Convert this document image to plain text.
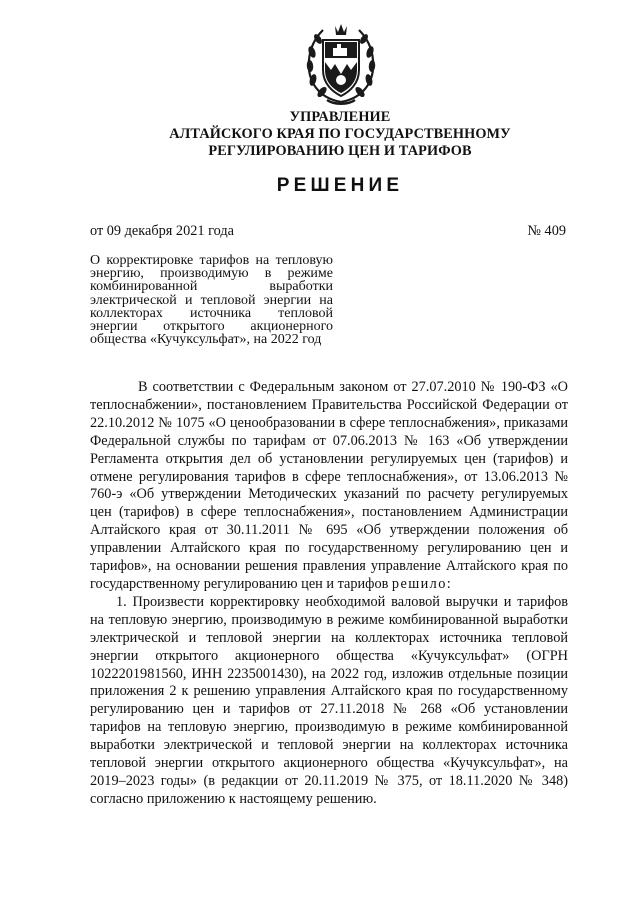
УПРАВЛЕНИЕ
АЛТАЙСКОГО КРАЯ ПО ГОСУДАРСТВЕННОМУ
РЕГУЛИРОВАНИЮ ЦЕН И ТАРИФОВ
РЕШЕНИЕ
от 09 декабря 2021 года	№ 409

О корректировке тарифов на тепловую энергию, производимую в режиме комбинированной выработки электрической и тепловой энергии на коллекторах источника тепловой энергии открытого акционерного общества «Кучуксульфат», на 2022 год

В соответствии с Федеральным законом от 27.07.2010 № 190-ФЗ «О теплоснабжении», постановлением Правительства Российской Федерации от 22.10.2012 № 1075 «О ценообразовании в сфере теплоснабжения», приказами Федеральной службы по тарифам от 07.06.2013 № 163 «Об утверждении Регламента открытия дел об установлении регулируемых цен (тарифов) и отмене регулирования тарифов в сфере теплоснабжения», от 13.06.2013 № 760-э «Об утверждении Методических указаний по расчету регулируемых цен (тарифов) в сфере теплоснабжения», постановлением Администрации Алтайского края от 30.11.2011 № 695 «Об утверждении положения об управлении Алтайского края по государственному регулированию цен и тарифов», на основании решения правления управление Алтайского края по государственному регулированию цен и тарифов решило:
1. Произвести корректировку необходимой валовой выручки и тарифов на тепловую энергию, производимую в режиме комбинированной выработки электрической и тепловой энергии на коллекторах источника тепловой энергии открытого акционерного общества «Кучуксульфат» (ОГРН 1022201981560, ИНН 2235001430), на 2022 год, изложив отдельные позиции приложения 2 к решению управления Алтайского края по государственному регулированию цен и тарифов от 27.11.2018 № 268 «Об установлении тарифов на тепловую энергию, производимую в режиме комбинированной выработки электрической и тепловой энергии на коллекторах источника тепловой энергии открытого акционерного общества «Кучуксульфат», на 2019–2023 годы» (в редакции от 20.11.2019 № 375, от 18.11.2020 № 348) согласно приложению к настоящему решению.
